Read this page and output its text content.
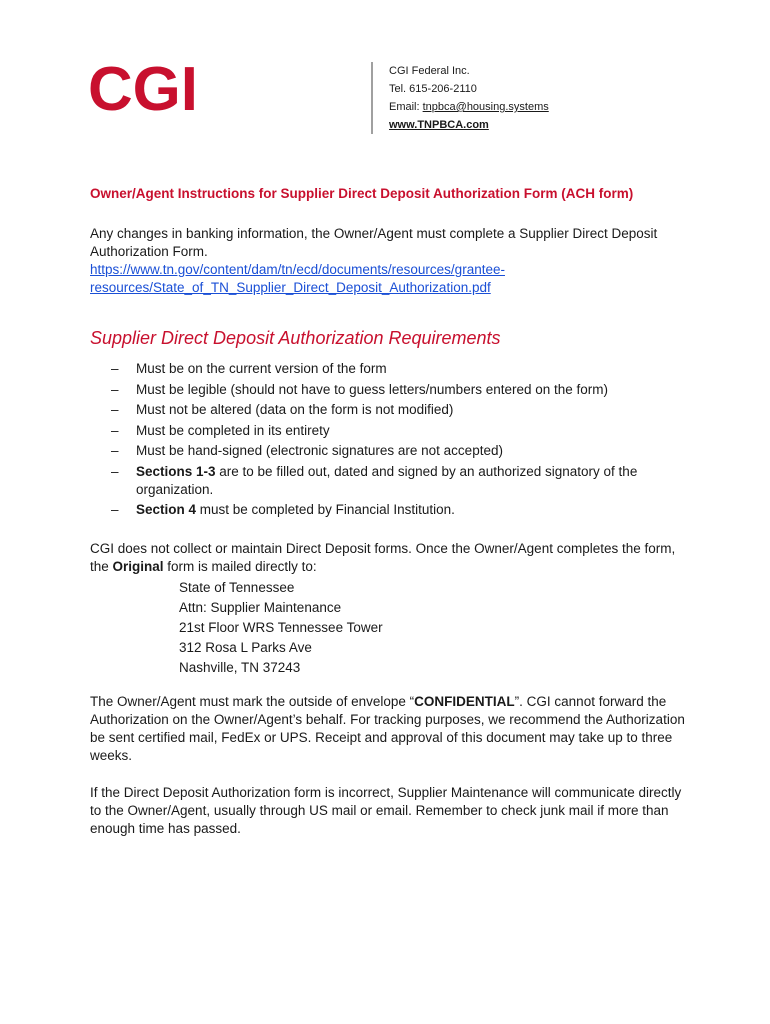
CGI	CGI Federal Inc.
Tel. 615-206-2110
Email: tnpbca@housing.systems
www.TNPBCA.com
Owner/Agent Instructions for Supplier Direct Deposit Authorization Form (ACH form)

Any changes in banking information, the Owner/Agent must complete a Supplier Direct Deposit Authorization Form.

https://www.tn.gov/content/dam/tn/ecd/documents/resources/grantee-
resources/State_of_TN_Supplier_Direct_Deposit_Authorization.pdf

Supplier Direct Deposit Authorization Requirements
– Must be on the current version of the form
– Must be legible (should not have to guess letters/numbers entered on the form)
– Must not be altered (data on the form is not modified)
– Must be completed in its entirety
– Must be hand-signed (electronic signatures are not accepted)
– Sections 1-3 are to be filled out, dated and signed by an authorized signatory of the organization.
– Section 4 must be completed by Financial Institution.

CGI does not collect or maintain Direct Deposit forms. Once the Owner/Agent completes the form, the Original form is mailed directly to:

State of Tennessee
Attn: Supplier Maintenance
21st Floor WRS Tennessee Tower
312 Rosa L Parks Ave
Nashville, TN 37243

The Owner/Agent must mark the outside of envelope “CONFIDENTIAL”. CGI cannot forward the Authorization on the Owner/Agent’s behalf. For tracking purposes, we recommend the Authorization be sent certified mail, FedEx or UPS. Receipt and approval of this document may take up to three weeks.

If the Direct Deposit Authorization form is incorrect, Supplier Maintenance will communicate directly to the Owner/Agent, usually through US mail or email. Remember to check junk mail if more than enough time has passed.
